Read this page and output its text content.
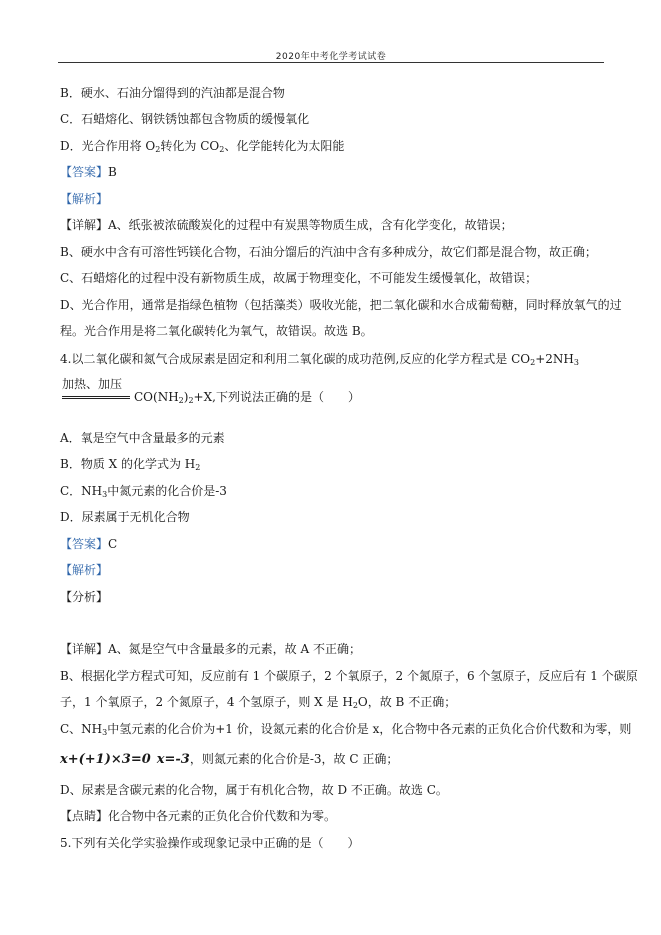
2020年中考化学考试试卷
B．硬水、石油分馏得到的汽油都是混合物
C．石蜡熔化、钢铁锈蚀都包含物质的缓慢氧化
D．光合作用将 $O_2$转化为 $CO_2$、化学能转化为太阳能
【答案】B
【解析】
【详解】A、纸张被浓硫酸炭化的过程中有炭黑等物质生成，含有化学变化，故错误；
B、硬水中含有可溶性钙镁化合物，石油分馏后的汽油中含有多种成分，故它们都是混合物，故正确；
C、石蜡熔化的过程中没有新物质生成，故属于物理变化，不可能发生缓慢氧化，故错误；
D、光合作用，通常是指绿色植物（包括藻类）吸收光能，把二氧化碳和水合成葡萄糖，同时释放氧气的过
程。光合作用是将二氧化碳转化为氧气，故错误。故选 B。
4.以二氧化碳和氮气合成尿素是固定和利用二氧化碳的成功范例,反应的化学方程式是 $CO_2+2NH_3$
加热、加压
$CO(NH_2)_2+X$,下列说法正确的是（　　）
A．氧是空气中含量最多的元素
B．物质 X 的化学式为 $H_2$
C．$NH_3$中氮元素的化合价是-3
D．尿素属于无机化合物
【答案】C
【解析】
【分析】
【详解】A、氮是空气中含量最多的元素，故 A 不正确；
B、根据化学方程式可知，反应前有 1 个碳原子，2 个氧原子，2 个氮原子，6 个氢原子，反应后有 1 个碳原
子，1 个氧原子，2 个氮原子，4 个氢原子，则 X 是 $H_2O$，故 B 不正确；
C、$NH_3$中氢元素的化合价为+1 价，设氮元素的化合价是 x，化合物中各元素的正负化合价代数和为零，则
x+(+1)×3=0  x=-3，则氮元素的化合价是-3，故 C 正确；
D、尿素是含碳元素的化合物，属于有机化合物，故 D 不正确。故选 C。
【点睛】化合物中各元素的正负化合价代数和为零。
5.下列有关化学实验操作或现象记录中正确的是（　　）
